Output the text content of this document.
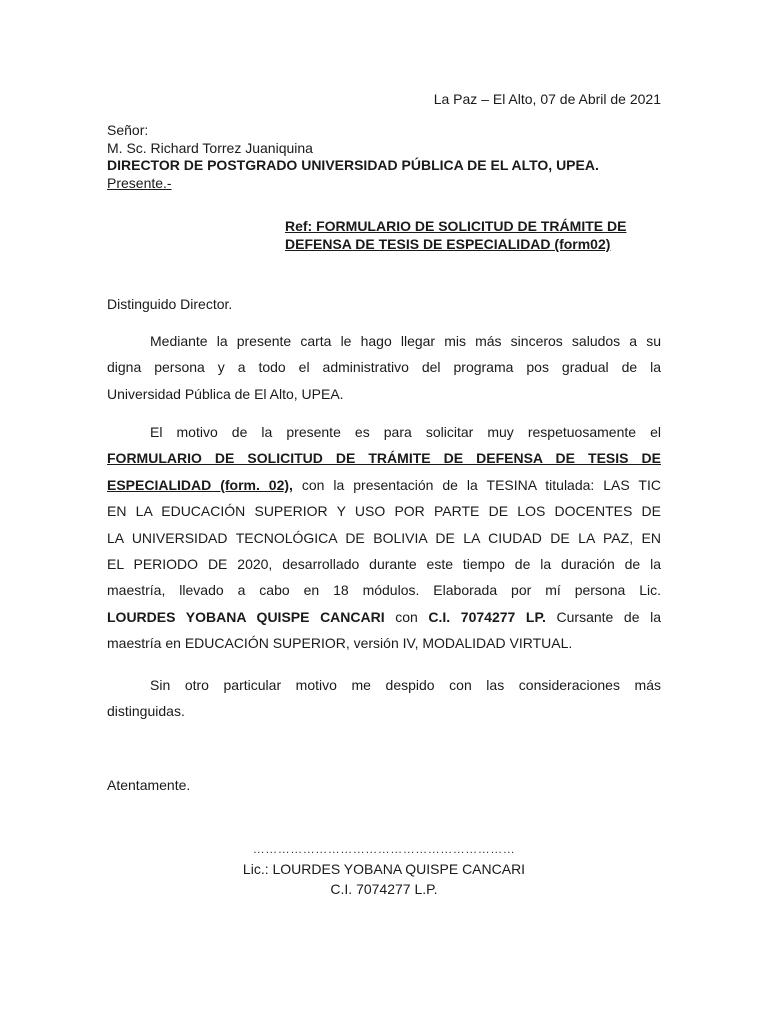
La Paz – El Alto, 07 de Abril de 2021
Señor:
M. Sc. Richard Torrez Juaniquina
DIRECTOR DE POSTGRADO UNIVERSIDAD PÚBLICA DE EL ALTO, UPEA.
Presente.-
Ref: FORMULARIO DE SOLICITUD DE TRÁMITE DE
DEFENSA DE TESIS DE ESPECIALIDAD (form02)
Distinguido Director.
Mediante la presente carta le hago llegar mis más sinceros saludos a su
digna persona y a todo el administrativo del programa pos gradual de la
Universidad Pública de El Alto, UPEA.
El motivo de la presente es para solicitar muy respetuosamente el
FORMULARIO DE SOLICITUD DE TRÁMITE DE DEFENSA DE TESIS DE
ESPECIALIDAD (form. 02), con la presentación de la TESINA titulada: LAS TIC
EN LA EDUCACIÓN SUPERIOR Y USO POR PARTE DE LOS DOCENTES DE
LA UNIVERSIDAD TECNOLÓGICA DE BOLIVIA DE LA CIUDAD DE LA PAZ, EN
EL PERIODO DE 2020, desarrollado durante este tiempo de la duración de la
maestría, llevado a cabo en 18 módulos. Elaborada por mí persona Lic.
LOURDES YOBANA QUISPE CANCARI con C.I. 7074277 LP. Cursante de la
maestría en EDUCACIÓN SUPERIOR, versión IV, MODALIDAD VIRTUAL.
Sin otro particular motivo me despido con las consideraciones más
distinguidas.
Atentamente.
………………………………………………………
Lic.: LOURDES YOBANA QUISPE CANCARI
C.I. 7074277 L.P.
